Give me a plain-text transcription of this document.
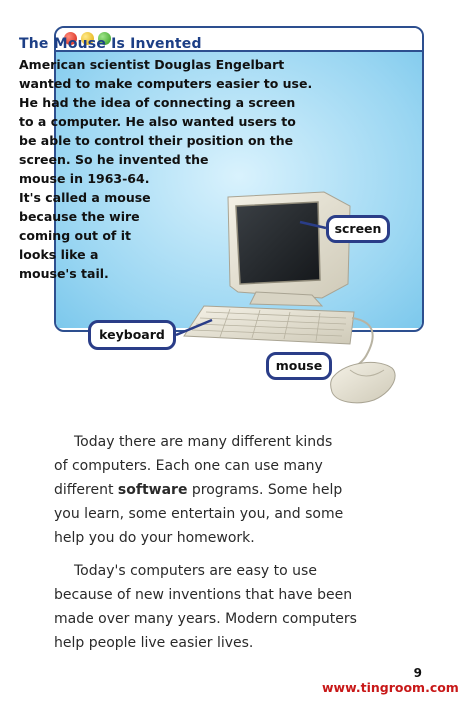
The Mouse Is Invented
American scientist Douglas Engelbart
wanted to make computers easier to use.
He had the idea of connecting a screen
to a computer. He also wanted users to
be able to control their position on the
screen. So he invented the
mouse in 1963-64.
It's called a mouse
because the wire
coming out of it
looks like a
mouse's tail.
screen
keyboard
mouse
Today there are many different kinds
of computers. Each one can use many
different software programs. Some help
you learn, some entertain you, and some
help you do your homework.
Today's computers are easy to use
because of new inventions that have been
made over many years. Modern computers
help people live easier lives.
9
www.tingroom.com
